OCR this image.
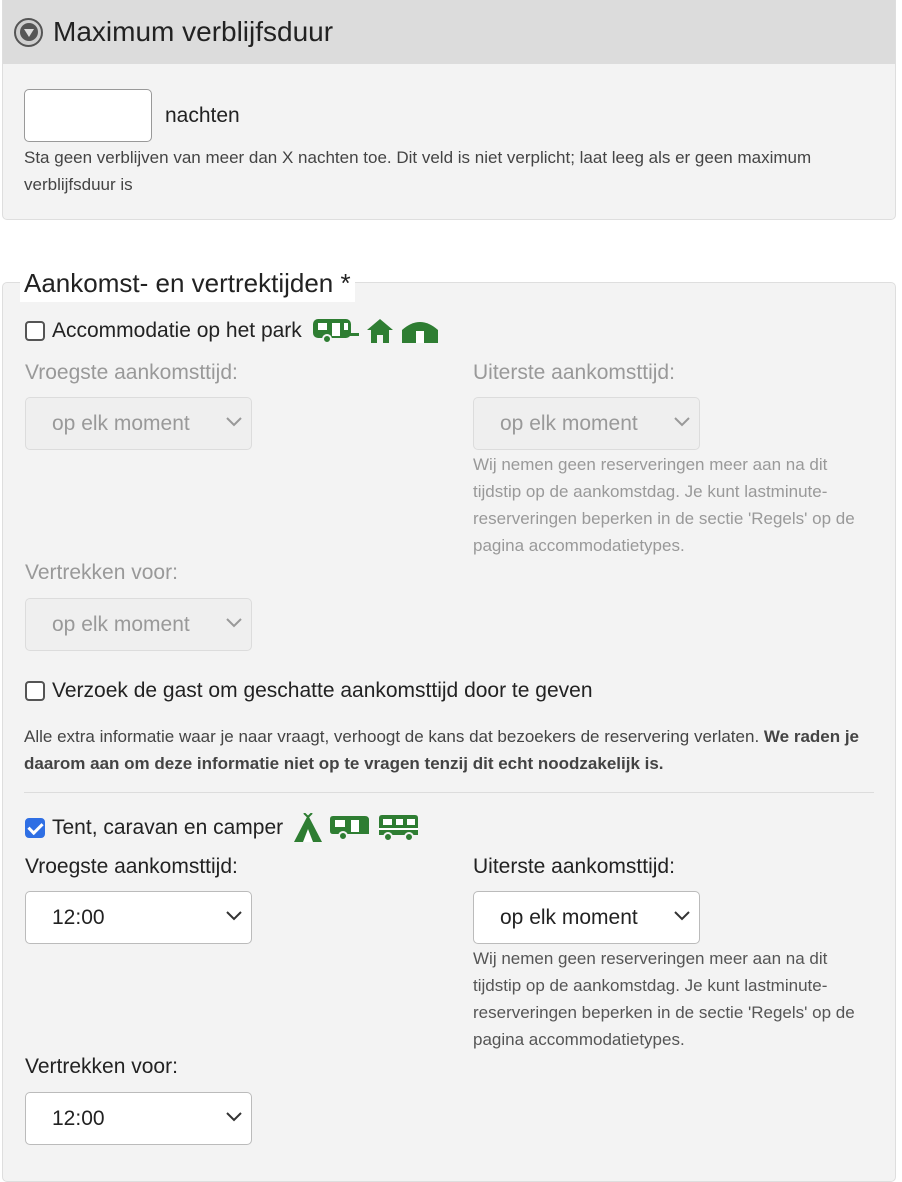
Maximum verblijfsduur
nachten
Sta geen verblijven van meer dan X nachten toe. Dit veld is niet verplicht; laat leeg als er geen maximum verblijfsduur is
Aankomst- en vertrektijden *
Accommodatie op het park
Vroegste aankomsttijd:
op elk moment
Uiterste aankomsttijd:
op elk moment
Wij nemen geen reserveringen meer aan na dit tijdstip op de aankomstdag. Je kunt lastminute-reserveringen beperken in de sectie 'Regels' op de pagina accommodatietypes.
Vertrekken voor:
op elk moment
Verzoek de gast om geschatte aankomsttijd door te geven
Alle extra informatie waar je naar vraagt, verhoogt de kans dat bezoekers de reservering verlaten. We raden je daarom aan om deze informatie niet op te vragen tenzij dit echt noodzakelijk is.
Tent, caravan en camper
Vroegste aankomsttijd:
12:00
Uiterste aankomsttijd:
op elk moment
Wij nemen geen reserveringen meer aan na dit tijdstip op de aankomstdag. Je kunt lastminute-reserveringen beperken in de sectie 'Regels' op de pagina accommodatietypes.
Vertrekken voor:
12:00
